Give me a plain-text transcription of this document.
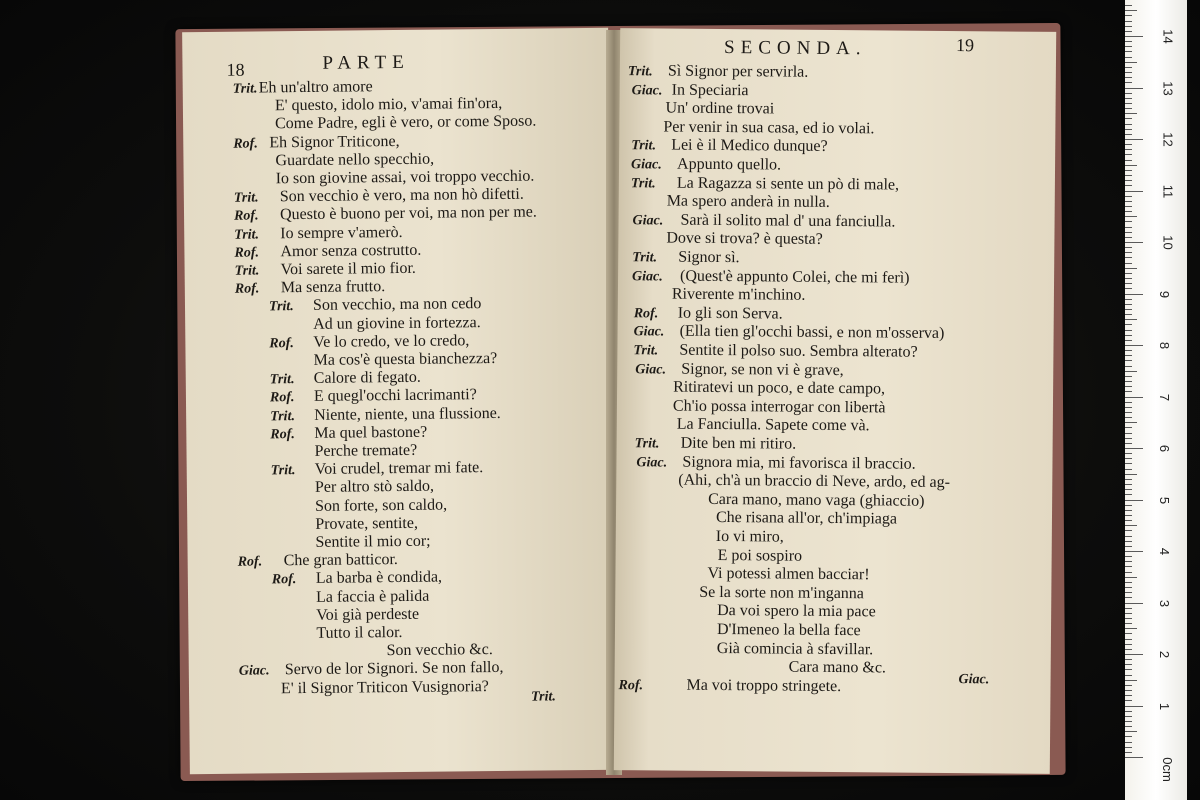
18	PARTE
Trit. Eh un'altro amore
E' questo, idolo mio, v'amai fin'ora,
Come Padre, egli è vero, or come Sposo.
Rof. Eh Signor Triticone,
Guardate nello specchio,
Io son giovine assai, voi troppo vecchio.
Trit. Son vecchio è vero, ma non hò difetti.
Rof. Questo è buono per voi, ma non per me.
Trit. Io sempre v'amerò.
Rof. Amor senza costrutto.
Trit. Voi sarete il mio fior.
Rof. Ma senza frutto.
Trit. Son vecchio, ma non cedo
Ad un giovine in fortezza.
Rof. Ve lo credo, ve lo credo,
Ma cos'è questa bianchezza?
Trit. Calore di fegato.
Rof. E quegl'occhi lacrimanti?
Trit. Niente, niente, una flussione.
Rof. Ma quel bastone?
Perche tremate?
Trit. Voi crudel, tremar mi fate.
Per altro stò saldo,
Son forte, son caldo,
Provate, sentite,
Sentite il mio cor;
Rof. Che gran batticor.
Rof. La barba è condida,
La faccia è palida
Voi già perdeste
Tutto il calor.
Son vecchio &c.
Giac. Servo de lor Signori. Se non fallo,
E' il Signor Triticon Vusignoria?
Trit.
SECONDA.	19
Trit. Sì Signor per servirla.
Giac. In Speciaria
Un' ordine trovai
Per venir in sua casa, ed io volai.
Trit. Lei è il Medico dunque?
Giac. Appunto quello.
Trit. La Ragazza si sente un pò di male,
Ma spero anderà in nulla.
Giac. Sarà il solito mal d' una fanciulla.
Dove si trova? è questa?
Trit. Signor sì.
Giac. (Quest'è appunto Colei, che mi ferì)
Riverente m'inchino.
Rof. Io gli son Serva.
Giac. (Ella tien gl'occhi bassi, e non m'osserva)
Trit. Sentite il polso suo. Sembra alterato?
Giac. Signor, se non vi è grave,
Ritiratevi un poco, e date campo,
Ch'io possa interrogar con libertà
La Fanciulla. Sapete come và.
Trit. Dite ben mi ritiro.
Giac. Signora mia, mi favorisca il braccio.
(Ahi, ch'à un braccio di Neve, ardo, ed ag-
Cara mano, mano vaga (ghiaccio)
Che risana all'or, ch'impiaga
Io vi miro,
E poi sospiro
Vi potessi almen bacciar!
Se la sorte non m'inganna
Da voi spero la mia pace
D'Imeneo la bella face
Già comincia à sfavillar.
Cara mano &c.
Rof.	Ma voi troppo stringete.	Giac.
0cm
1
2
3
4
5
6
7
8
9
10
11
12
13
14
